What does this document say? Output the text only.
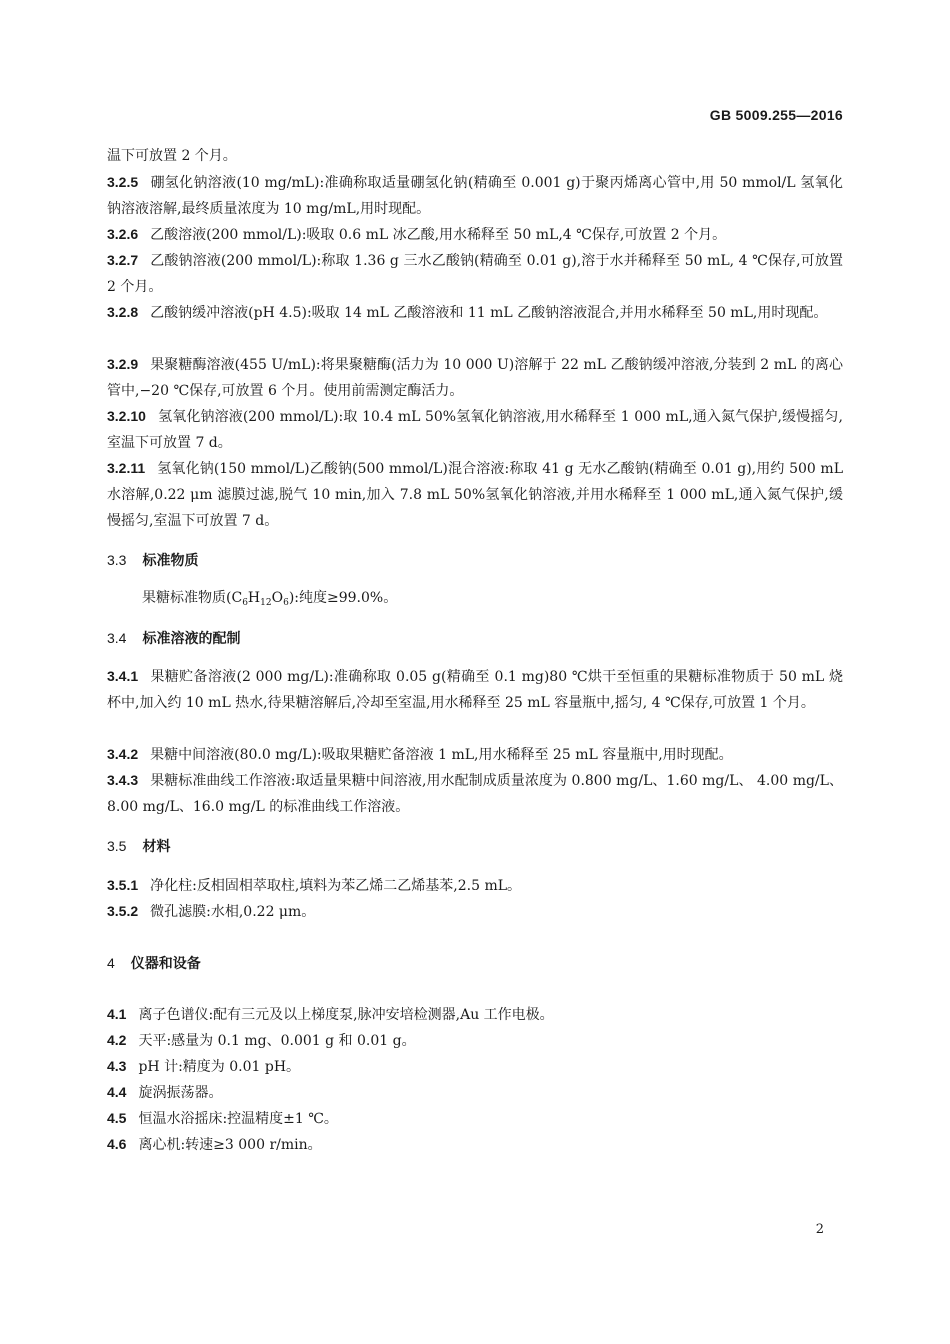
GB 5009.255—2016

温下可放置 2 个月。

3.2.5 硼氢化钠溶液(10 mg/mL):准确称取适量硼氢化钠(精确至 0.001 g)于聚丙烯离心管中,用 50 mmol/L 氢氧化钠溶液溶解,最终质量浓度为 10 mg/mL,用时现配。

3.2.6 乙酸溶液(200 mmol/L):吸取 0.6 mL 冰乙酸,用水稀释至 50 mL,4 ℃保存,可放置 2 个月。

3.2.7 乙酸钠溶液(200 mmol/L):称取 1.36 g 三水乙酸钠(精确至 0.01 g),溶于水并稀释至 50 mL, 4 ℃保存,可放置 2 个月。

3.2.8 乙酸钠缓冲溶液(pH 4.5):吸取 14 mL 乙酸溶液和 11 mL 乙酸钠溶液混合,并用水稀释至 50 mL,用时现配。

3.2.9 果聚糖酶溶液(455 U/mL):将果聚糖酶(活力为 10 000 U)溶解于 22 mL 乙酸钠缓冲溶液,分装到 2 mL 的离心管中,−20 ℃保存,可放置 6 个月。使用前需测定酶活力。

3.2.10 氢氧化钠溶液(200 mmol/L):取 10.4 mL 50%氢氧化钠溶液,用水稀释至 1 000 mL,通入氮气保护,缓慢摇匀,室温下可放置 7 d。

3.2.11 氢氧化钠(150 mmol/L)乙酸钠(500 mmol/L)混合溶液:称取 41 g 无水乙酸钠(精确至 0.01 g),用约 500 mL 水溶解,0.22 μm 滤膜过滤,脱气 10 min,加入 7.8 mL 50%氢氧化钠溶液,并用水稀释至 1 000 mL,通入氮气保护,缓慢摇匀,室温下可放置 7 d。

3.3 标准物质

果糖标准物质$(C_6H_{12}O_6)$:纯度≥99.0%。

3.4 标准溶液的配制

3.4.1 果糖贮备溶液(2 000 mg/L):准确称取 0.05 g(精确至 0.1 mg)80 ℃烘干至恒重的果糖标准物质于 50 mL 烧杯中,加入约 10 mL 热水,待果糖溶解后,冷却至室温,用水稀释至 25 mL 容量瓶中,摇匀, 4 ℃保存,可放置 1 个月。

3.4.2 果糖中间溶液(80.0 mg/L):吸取果糖贮备溶液 1 mL,用水稀释至 25 mL 容量瓶中,用时现配。

3.4.3 果糖标准曲线工作溶液:取适量果糖中间溶液,用水配制成质量浓度为 0.800 mg/L、1.60 mg/L、 4.00 mg/L、8.00 mg/L、16.0 mg/L 的标准曲线工作溶液。

3.5 材料

3.5.1 净化柱:反相固相萃取柱,填料为苯乙烯二乙烯基苯,2.5 mL。

3.5.2 微孔滤膜:水相,0.22 μm。

4 仪器和设备

4.1 离子色谱仪:配有三元及以上梯度泵,脉冲安培检测器,Au 工作电极。

4.2 天平:感量为 0.1 mg、0.001 g 和 0.01 g。

4.3 pH 计:精度为 0.01 pH。

4.4 旋涡振荡器。

4.5 恒温水浴摇床:控温精度±1 ℃。

4.6 离心机:转速≥3 000 r/min。

2
